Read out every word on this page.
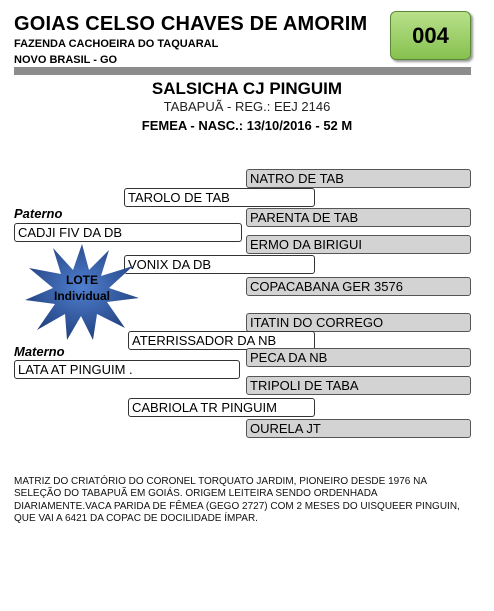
GOIAS CELSO CHAVES DE AMORIM
FAZENDA CACHOEIRA DO TAQUARAL
NOVO BRASIL - GO
004
SALSICHA CJ PINGUIM
TABAPUÃ - REG.: EEJ 2146
FEMEA - NASC.: 13/10/2016 - 52 M
Paterno
Materno
NATRO DE TAB
TAROLO DE TAB
PARENTA DE TAB
CADJI FIV DA DB
ERMO DA BIRIGUI
VONIX DA DB
COPACABANA GER 3576
ITATIN DO CORREGO
ATERRISSADOR DA NB
PECA DA NB
LATA AT PINGUIM .
TRIPOLI DE TABA
CABRIOLA TR PINGUIM
OURELA JT
LOTE
Individual
MATRIZ DO CRIATÓRIO DO CORONEL TORQUATO JARDIM, PIONEIRO DESDE 1976 NA SELEÇÃO DO TABAPUÃ EM GOIÁS. ORIGEM LEITEIRA SENDO ORDENHADA DIARIAMENTE.VACA PARIDA DE FÊMEA (GEGO 2727) COM 2 MESES DO UISQUEER PINGUIN, QUE VAI A 6421 DA COPAC DE DOCILIDADE ÍMPAR.
